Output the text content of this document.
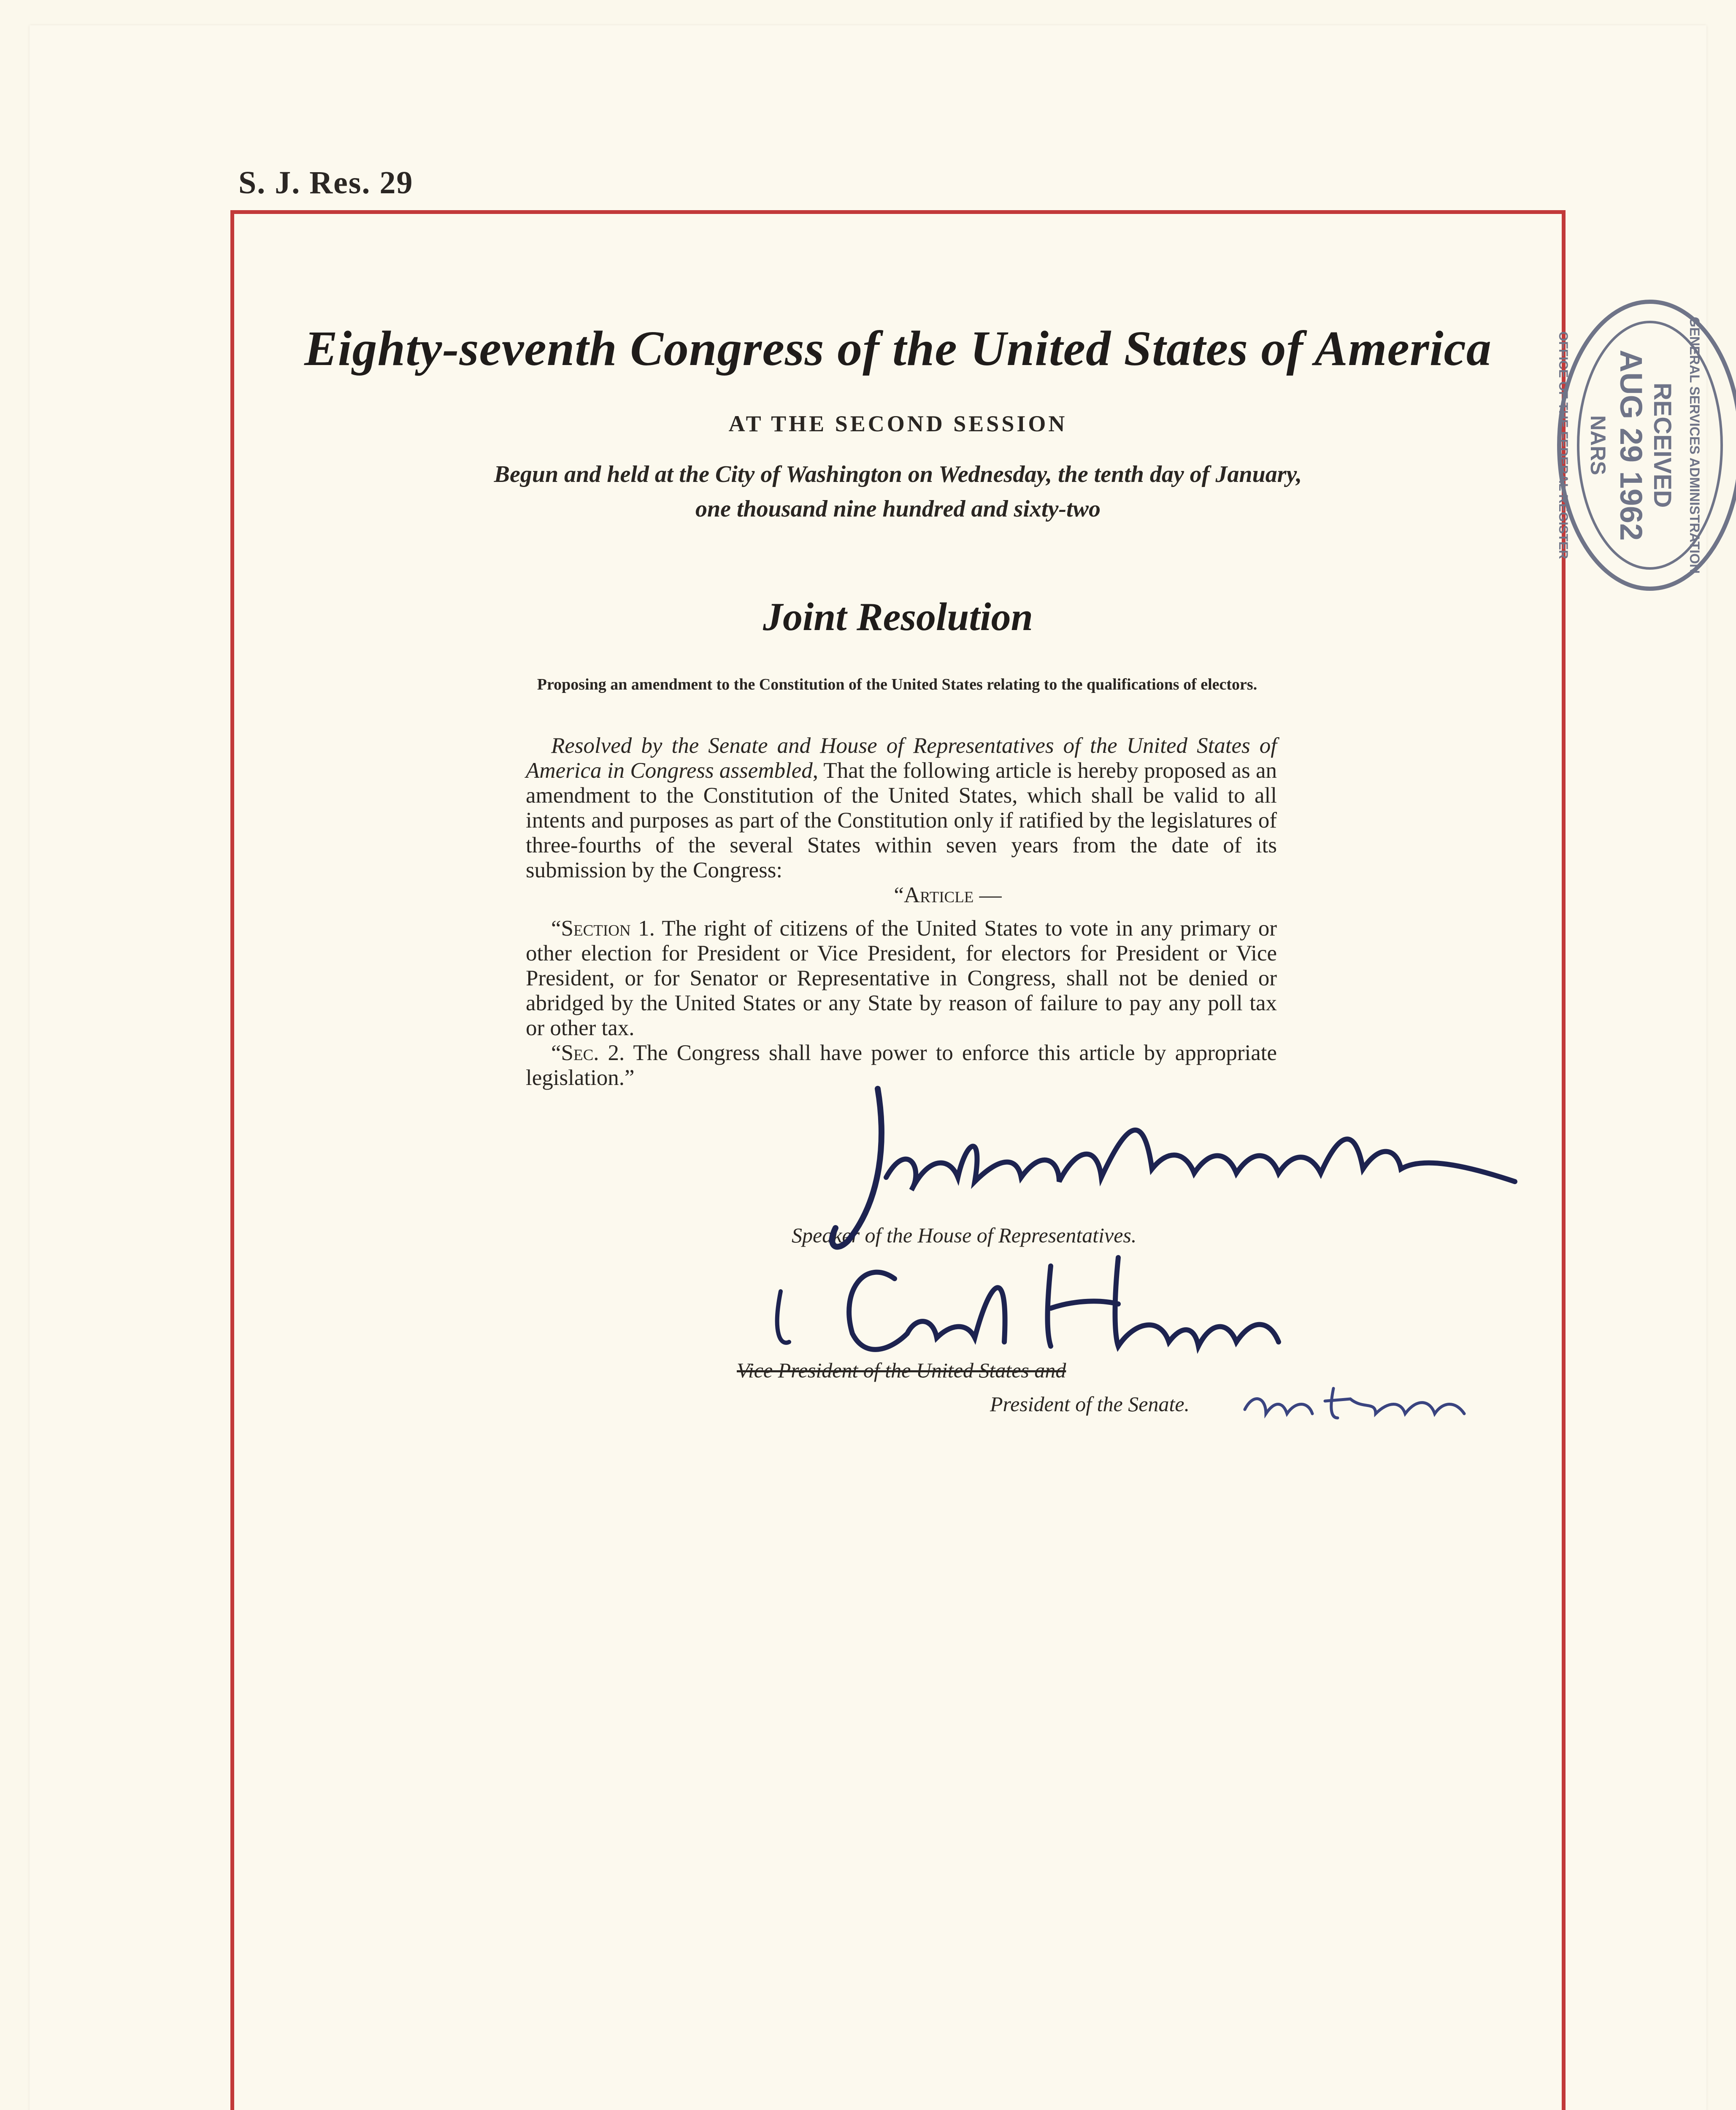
S. J. Res. 29
Eighty-seventh Congress of the United States of America
AT THE SECOND SESSION
Begun and held at the City of Washington on Wednesday, the tenth day of January,
one thousand nine hundred and sixty-two
Joint Resolution
Proposing an amendment to the Constitution of the United States relating to the qualifications of electors.

Resolved by the Senate and House of Representatives of the United States of America in Congress assembled, That the following article is hereby proposed as an amendment to the Constitution of the United States, which shall be valid to all intents and purposes as part of the Constitution only if ratified by the legislatures of three-fourths of the several States within seven years from the date of its submission by the Congress:

“Article —

“Section 1. The right of citizens of the United States to vote in any primary or other election for President or Vice President, for electors for President or Vice President, or for Senator or Representative in Congress, shall not be denied or abridged by the United States or any State by reason of failure to pay any poll tax or other tax.

“Sec. 2. The Congress shall have power to enforce this article by appropriate legislation.”

Speaker of the House of Representatives.
Vice President of the United States and
President of the Senate.
RECEIVED
AUG 29 1962
NARS	GENERAL SERVICES ADMINISTRATION
OFFICE OF THE FEDERAL REGISTER
